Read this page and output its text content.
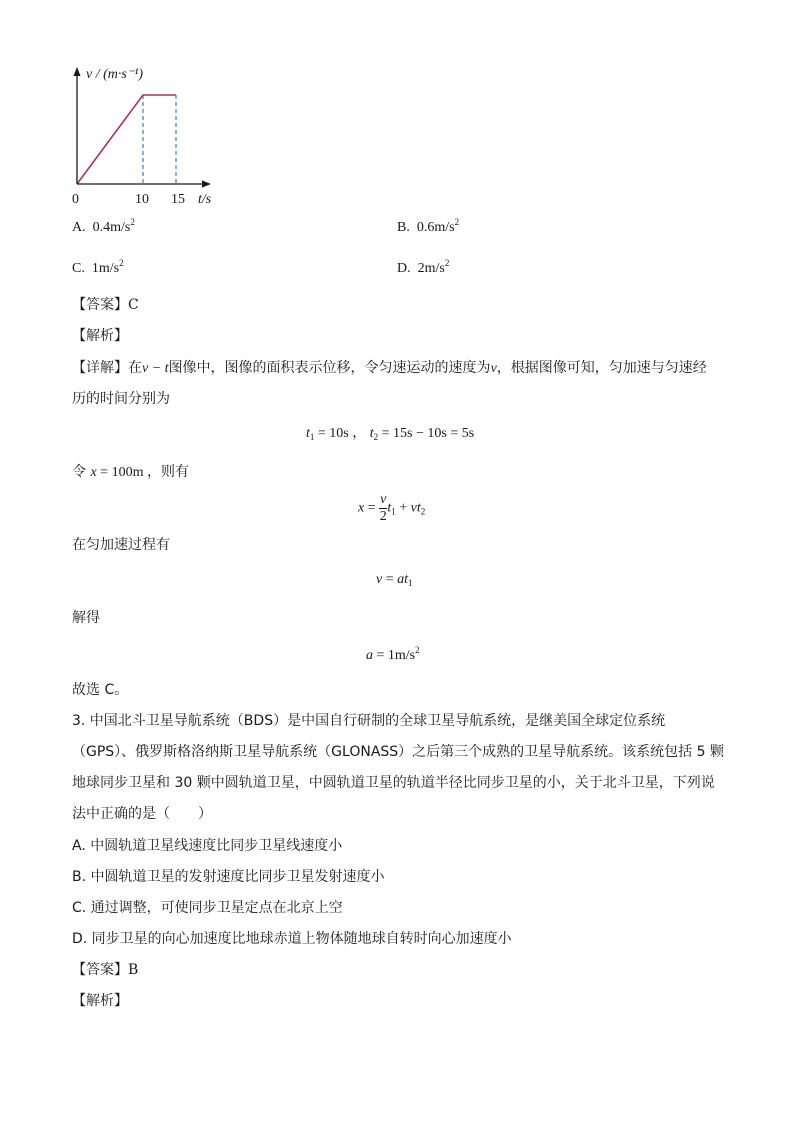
v / (m·s⁻¹)
0	10 15 t/s
A. $0.4m/s^2$	B. $0.6m/s^2$
C. $1m/s^2$	D. $2m/s^2$
【答案】C
【解析】
【详解】在v − t图像中，图像的面积表示位移，令匀速运动的速度为v，根据图像可知，匀加速与匀速经
历的时间分别为
$t_1 = 10s$ ， $t_2 = 15s - 10s = 5s$
令 x = 100m ，则有
$x = \frac{v}{2} t_1 + vt_2$
在匀加速过程有
$v = at_1$
解得
$a = 1m/s^2$
故选 C。
3. 中国北斗卫星导航系统（BDS）是中国自行研制的全球卫星导航系统，是继美国全球定位系统
（GPS）、俄罗斯格洛纳斯卫星导航系统（GLONASS）之后第三个成熟的卫星导航系统。该系统包括 5 颗
地球同步卫星和 30 颗中圆轨道卫星，中圆轨道卫星的轨道半径比同步卫星的小，关于北斗卫星，下列说
法中正确的是（　　）
A. 中圆轨道卫星线速度比同步卫星线速度小
B. 中圆轨道卫星的发射速度比同步卫星发射速度小
C. 通过调整，可使同步卫星定点在北京上空
D. 同步卫星的向心加速度比地球赤道上物体随地球自转时向心加速度小
【答案】B
【解析】
